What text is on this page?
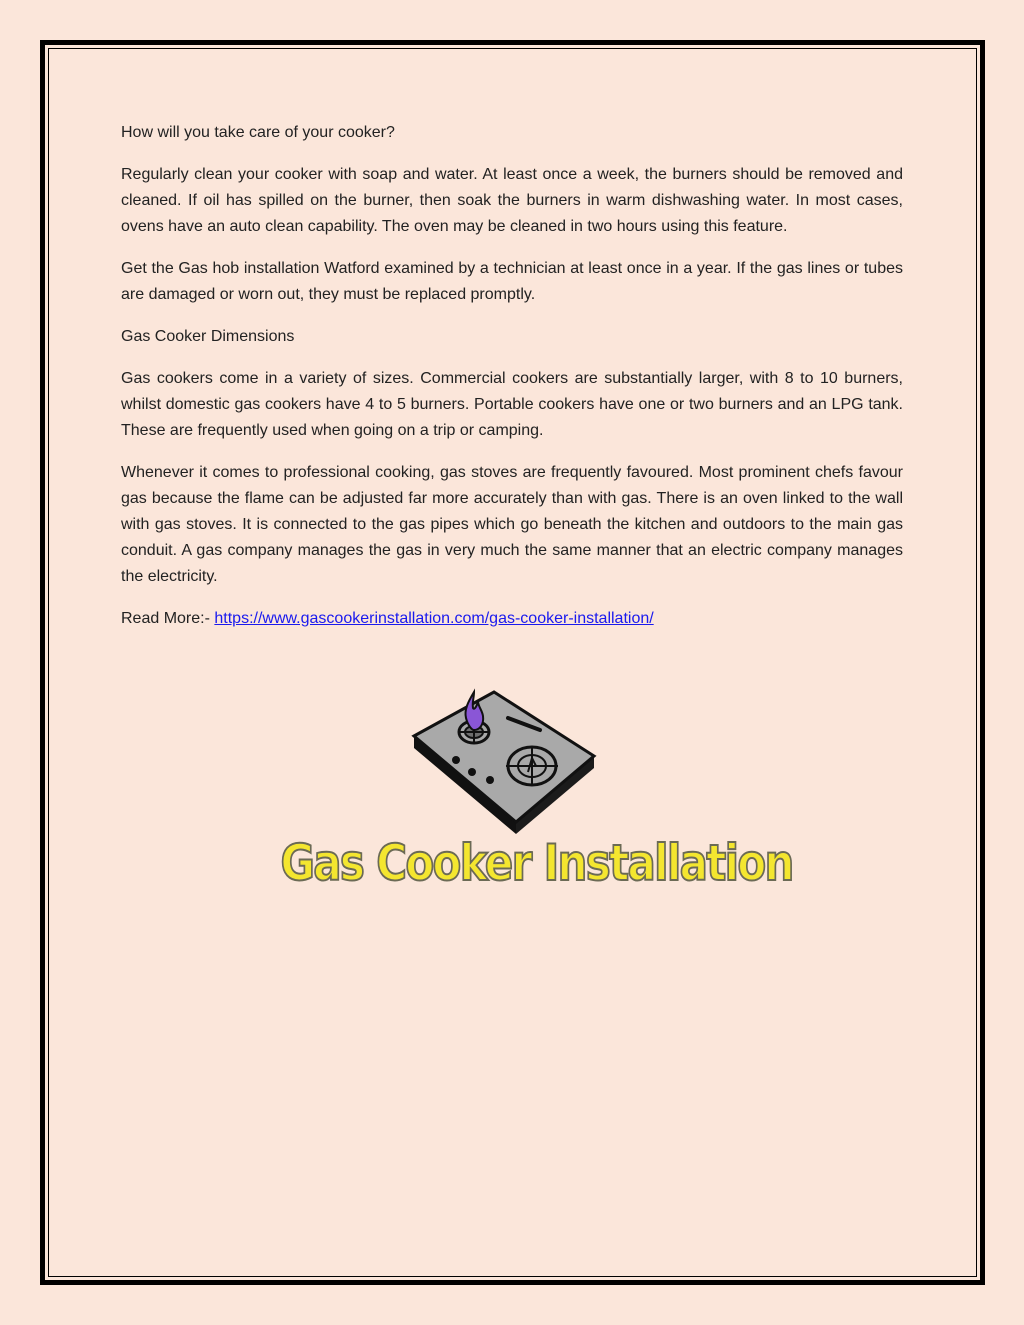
How will you take care of your cooker?

Regularly clean your cooker with soap and water. At least once a week, the burners should be removed and cleaned. If oil has spilled on the burner, then soak the burners in warm dishwashing water. In most cases, ovens have an auto clean capability. The oven may be cleaned in two hours using this feature.

Get the Gas hob installation Watford examined by a technician at least once in a year. If the gas lines or tubes are damaged or worn out, they must be replaced promptly.

Gas Cooker Dimensions

Gas cookers come in a variety of sizes. Commercial cookers are substantially larger, with 8 to 10 burners, whilst domestic gas cookers have 4 to 5 burners. Portable cookers have one or two burners and an LPG tank. These are frequently used when going on a trip or camping.

Whenever it comes to professional cooking, gas stoves are frequently favoured. Most prominent chefs favour gas because the flame can be adjusted far more accurately than with gas. There is an oven linked to the wall with gas stoves. It is connected to the gas pipes which go beneath the kitchen and outdoors to the main gas conduit. A gas company manages the gas in very much the same manner that an electric company manages the electricity.

Read More:- https://www.gascookerinstallation.com/gas-cooker-installation/

Gas Cooker Installation
